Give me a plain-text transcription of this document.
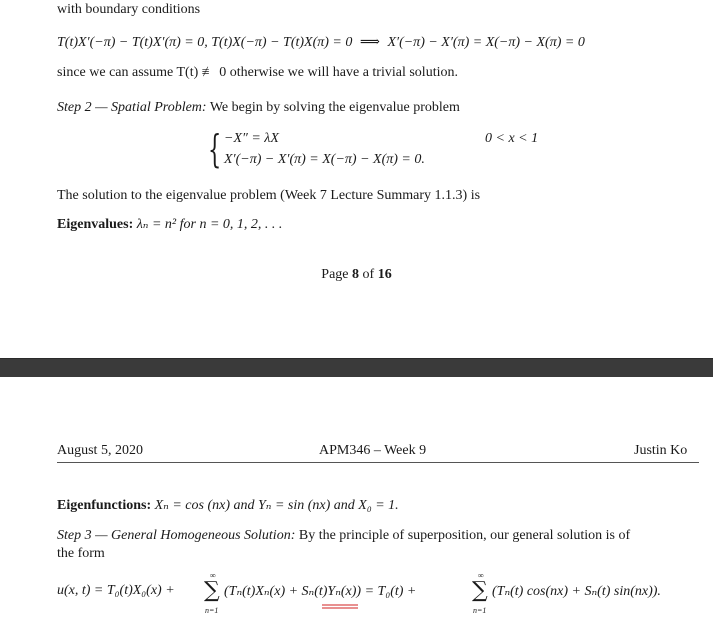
with boundary conditions
T(t)X′(−π) − T(t)X′(π) = 0, T(t)X(−π) − T(t)X(π) = 0 ⟹ X′(−π) − X′(π) = X(−π) − X(π) = 0
since we can assume T(t) ≢ 0 otherwise we will have a trivial solution.
Step 2 — Spatial Problem: We begin by solving the eigenvalue problem
{ −X″ = λX	0 < x < 1
X′(−π) − X′(π) = X(−π) − X(π) = 0.
The solution to the eigenvalue problem (Week 7 Lecture Summary 1.1.3) is
Eigenvalues: λₙ = n² for n = 0, 1, 2, . . .
Page 8 of 16
August 5, 2020	APM346 – Week 9	Justin Ko
Eigenfunctions: Xₙ = cos (nx) and Yₙ = sin (nx) and X₀ = 1.
Step 3 — General Homogeneous Solution: By the principle of superposition, our general solution is of
the form
u(x, t) = T₀(t)X₀(x) +
∞
∑
n=1
(Tₙ(t)Xₙ(x) + Sₙ(t)Yₙ(x)) = T₀(t) +
∞
∑
n=1
(Tₙ(t) cos(nx) + Sₙ(t) sin(nx)).
